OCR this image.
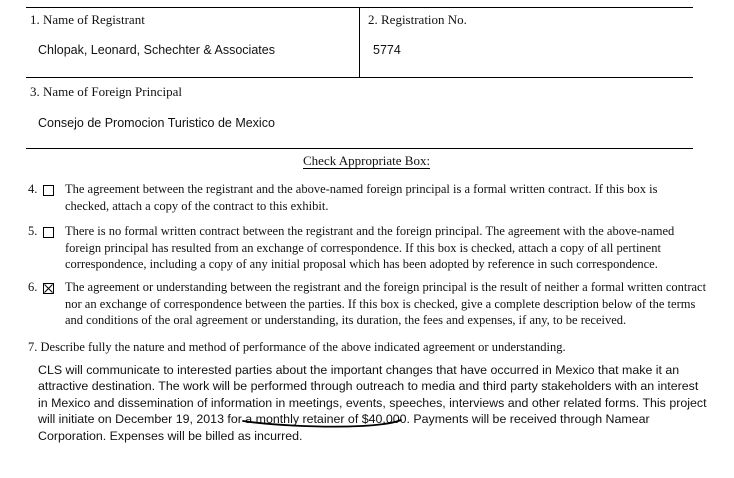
1. Name of Registrant
Chlopak, Leonard, Schechter & Associates
2. Registration No.
5774
3. Name of Foreign Principal
Consejo de Promocion Turistico de Mexico
Check Appropriate Box:
4. The agreement between the registrant and the above-named foreign principal is a formal written contract. If this box is checked, attach a copy of the contract to this exhibit.
5. There is no formal written contract between the registrant and the foreign principal. The agreement with the above-named foreign principal has resulted from an exchange of correspondence. If this box is checked, attach a copy of all pertinent correspondence, including a copy of any initial proposal which has been adopted by reference in such correspondence.
6. The agreement or understanding between the registrant and the foreign principal is the result of neither a formal written contract nor an exchange of correspondence between the parties. If this box is checked, give a complete description below of the terms and conditions of the oral agreement or understanding, its duration, the fees and expenses, if any, to be received.
7. Describe fully the nature and method of performance of the above indicated agreement or understanding.
CLS will communicate to interested parties about the important changes that have occurred in Mexico that make it an attractive destination. The work will be performed through outreach to media and third party stakeholders with an interest in Mexico and dissemination of information in meetings, events, speeches, interviews and other related forms. This project will initiate on December 19, 2013 for a monthly retainer of $40,000. Payments will be received through Namear Corporation. Expenses will be billed as incurred.
